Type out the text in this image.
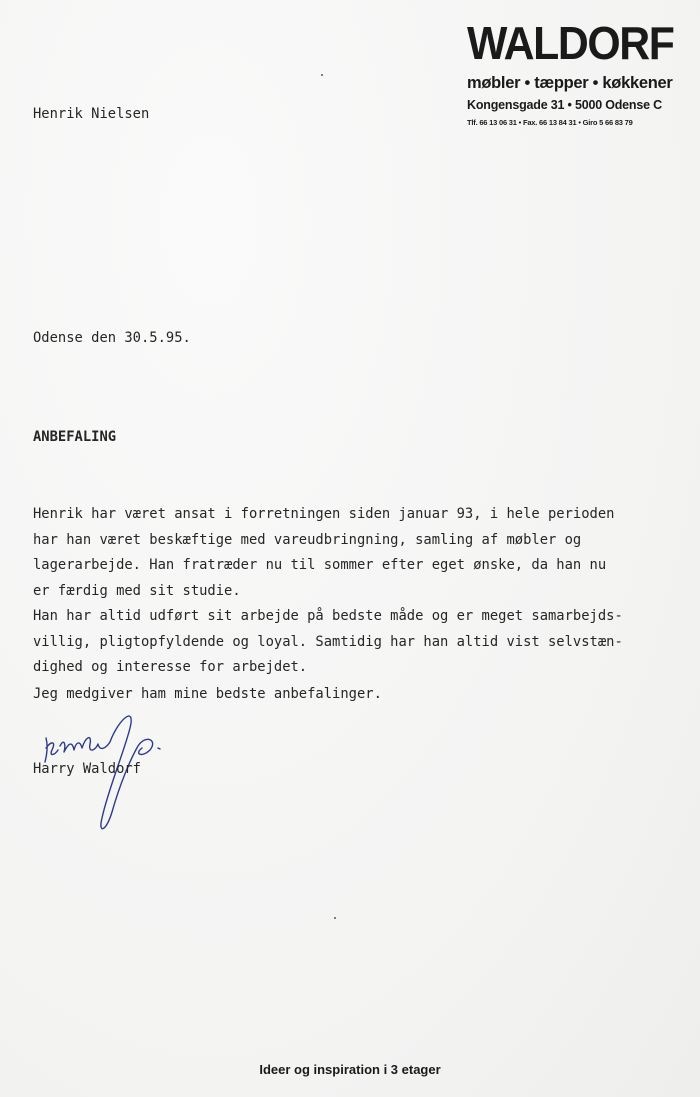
WALDORF
møbler • tæpper • køkkener
Kongensgade 31 • 5000 Odense C
Tlf. 66 13 06 31 • Fax. 66 13 84 31 • Giro 5 66 83 79
Henrik Nielsen
Odense den 30.5.95.
ANBEFALING
Henrik har været ansat i forretningen siden januar 93, i hele perioden
har han været beskæftige med vareudbringning, samling af møbler og
lagerarbejde. Han fratræder nu til sommer efter eget ønske, da han nu
er færdig med sit studie.
Han har altid udført sit arbejde på bedste måde og er meget samarbejds-
villig, pligtopfyldende og loyal. Samtidig har han altid vist selvstæn-
dighed og interesse for arbejdet.
Jeg medgiver ham mine bedste anbefalinger.
Harry Waldorf
Ideer og inspiration i 3 etager
